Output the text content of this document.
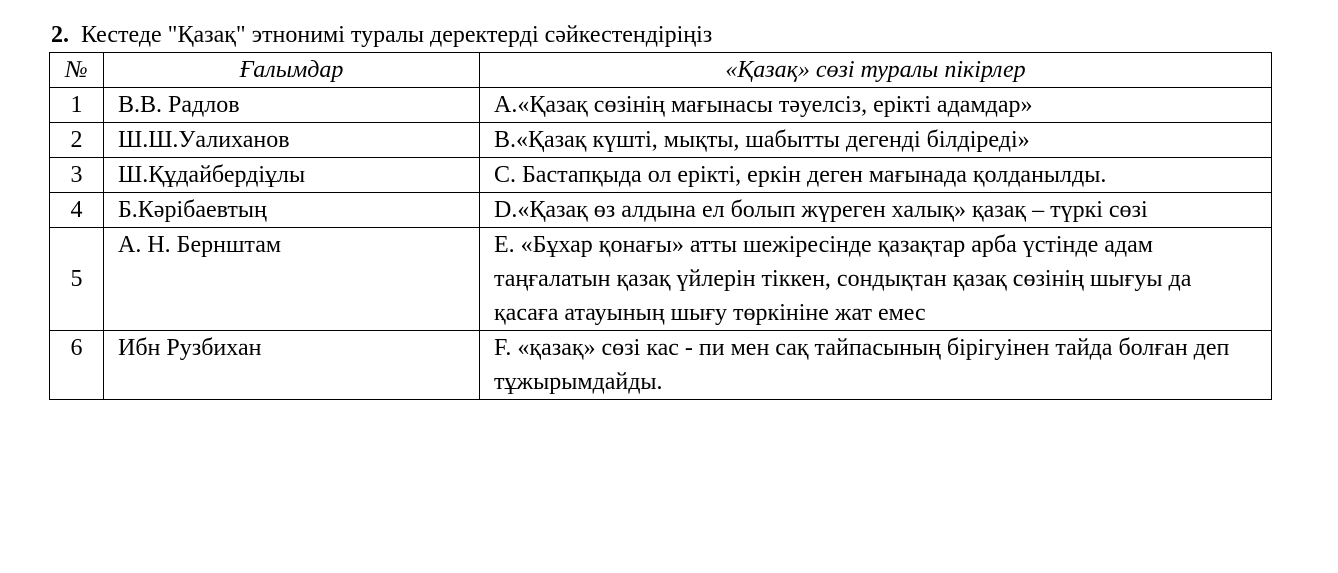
2. Кестеде "Қазақ" этнонимі туралы деректерді сәйкестендіріңіз
№	Ғалымдар	«Қазақ» сөзі туралы пікірлер
1	В.В. Радлов	А.«Қазақ сөзінің мағынасы тәуелсіз, ерікті адамдар»
2	Ш.Ш.Уалиханов	В.«Қазақ күшті, мықты, шабытты дегенді білдіреді»
3	Ш.Құдайбердіұлы	С. Бастапқыда ол ерікті, еркін деген мағынада қолданылды.
4	Б.Кәрібаевтың	D.«Қазақ өз алдына ел болып жүреген халық» қазақ – түркі сөзі
5	А. Н. Бернштам	Е. «Бұхар қонағы» атты шежіресінде қазақтар арба үстінде адам таңғалатын қазақ үйлерін тіккен, сондықтан қазақ сөзінің шығуы да қасаға атауының шығу төркініне жат емес
6	Ибн Рузбихан	F. «қазақ» сөзі кас - пи мен сақ тайпасының бірігуінен тайда болған деп тұжырымдайды.
